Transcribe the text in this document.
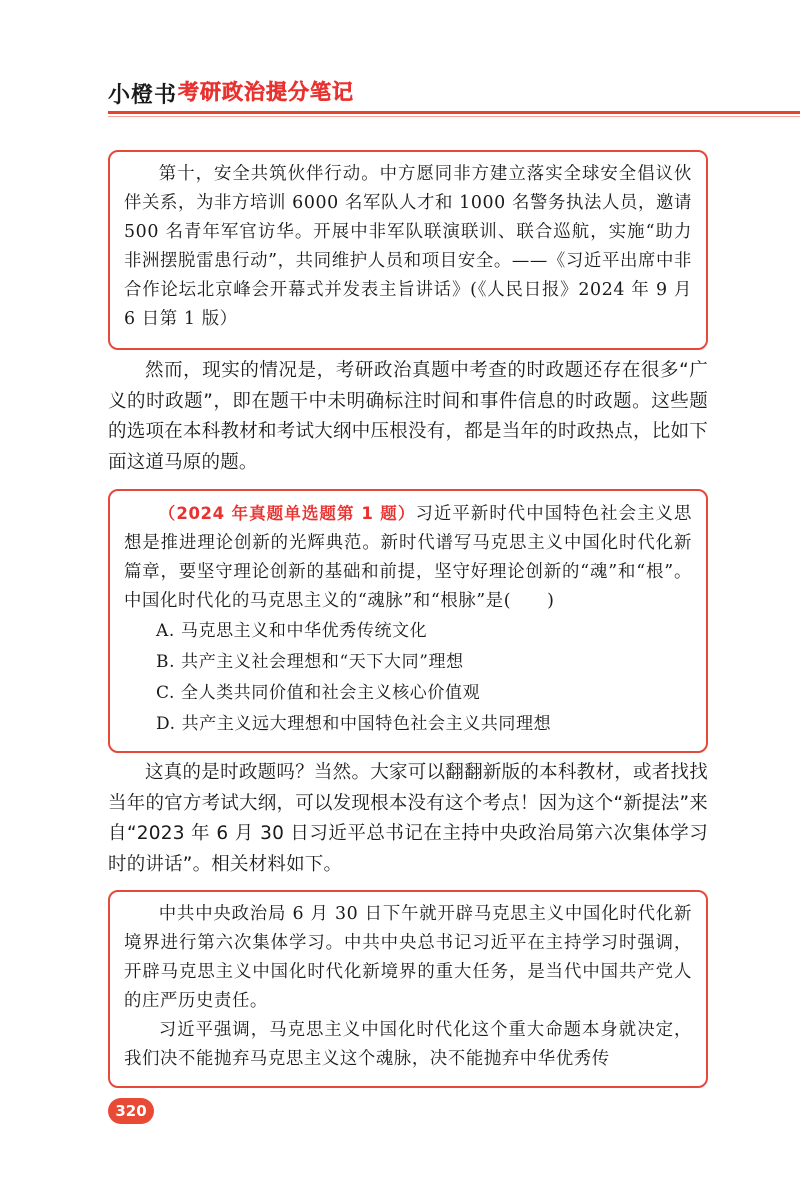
小橙书 考研政治提分笔记

第十，安全共筑伙伴行动。中方愿同非方建立落实全球安全倡议伙伴关系，为非方培训 6000 名军队人才和 1000 名警务执法人员，邀请 500 名青年军官访华。开展中非军队联演联训、联合巡航，实施“助力非洲摆脱雷患行动”，共同维护人员和项目安全。——《习近平出席中非合作论坛北京峰会开幕式并发表主旨讲话》(《人民日报》2024 年 9 月 6 日第 1 版）

然而，现实的情况是，考研政治真题中考查的时政题还存在很多“广义的时政题”，即在题干中未明确标注时间和事件信息的时政题。这些题的选项在本科教材和考试大纲中压根没有，都是当年的时政热点，比如下面这道马原的题。

（2024 年真题单选题第 1 题）习近平新时代中国特色社会主义思想是推进理论创新的光辉典范。新时代谱写马克思主义中国化时代化新篇章，要坚守理论创新的基础和前提，坚守好理论创新的“魂”和“根”。中国化时代化的马克思主义的“魂脉”和“根脉”是(　　)

A. 马克思主义和中华优秀传统文化
B. 共产主义社会理想和“天下大同”理想
C. 全人类共同价值和社会主义核心价值观
D. 共产主义远大理想和中国特色社会主义共同理想

这真的是时政题吗？当然。大家可以翻翻新版的本科教材，或者找找当年的官方考试大纲，可以发现根本没有这个考点！因为这个“新提法”来自“2023 年 6 月 30 日习近平总书记在主持中央政治局第六次集体学习时的讲话”。相关材料如下。

中共中央政治局 6 月 30 日下午就开辟马克思主义中国化时代化新境界进行第六次集体学习。中共中央总书记习近平在主持学习时强调，开辟马克思主义中国化时代化新境界的重大任务，是当代中国共产党人的庄严历史责任。

习近平强调，马克思主义中国化时代化这个重大命题本身就决定，我们决不能抛弃马克思主义这个魂脉，决不能抛弃中华优秀传

320
